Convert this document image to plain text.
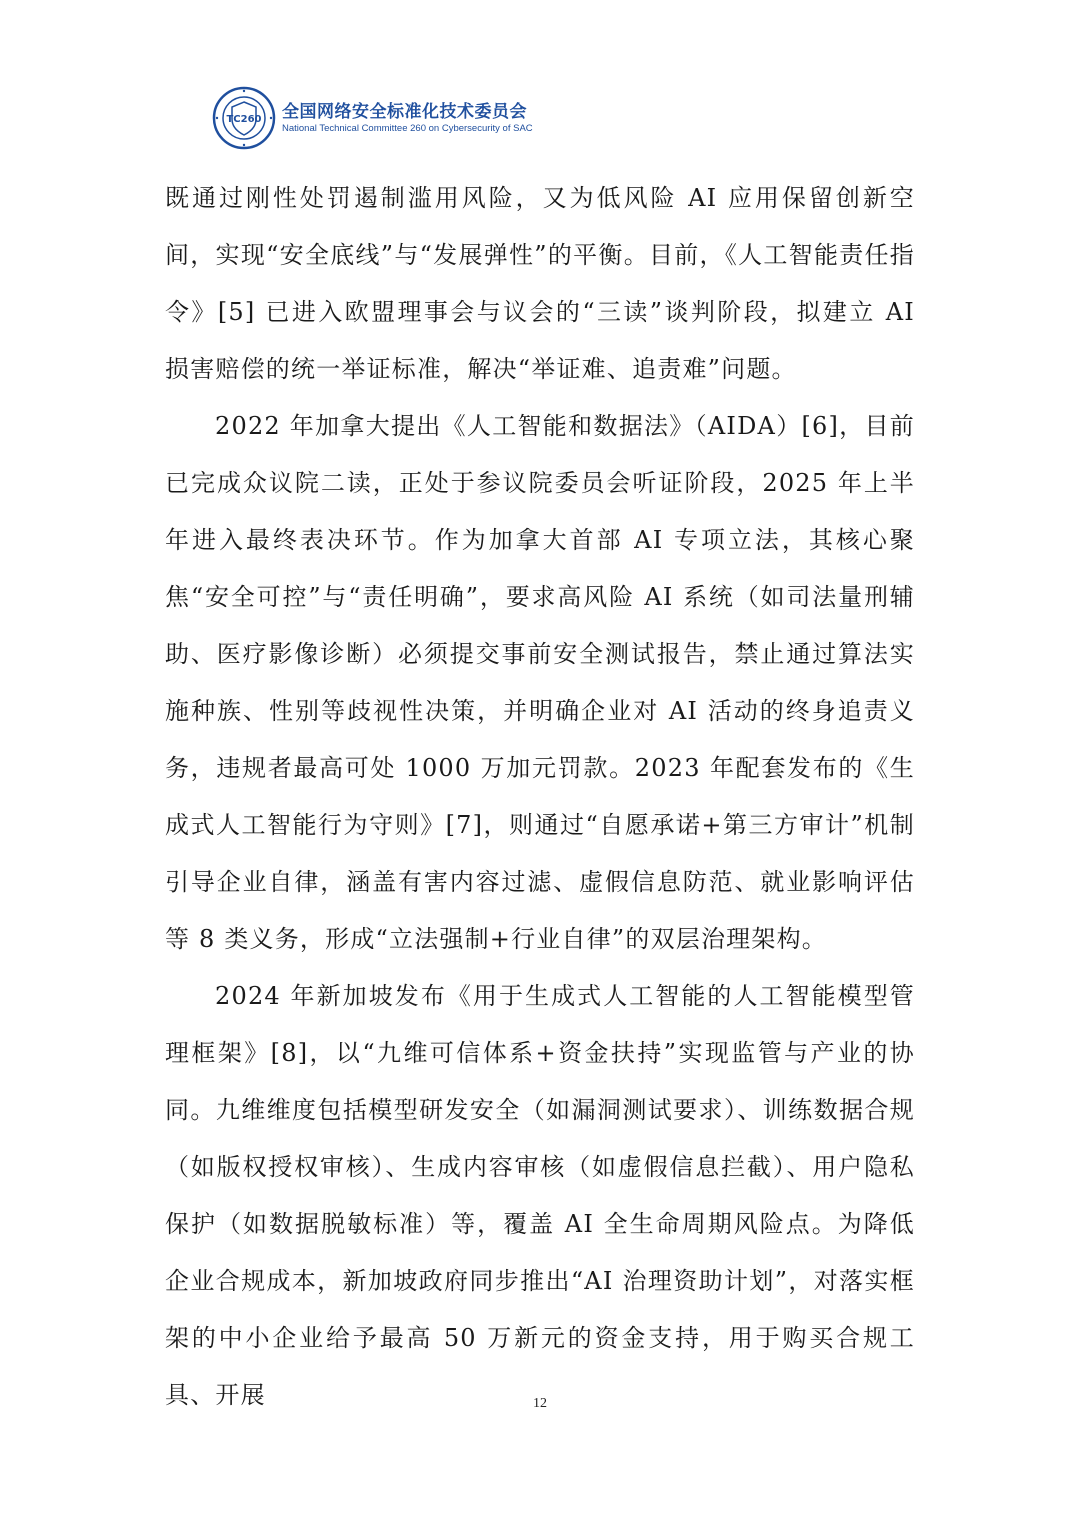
TC260 全国网络安全标准化技术委员会
National Technical Committee 260 on Cybersecurity of SAC

既通过刚性处罚遏制滥用风险，又为低风险 AI 应用保留创新空间，实现“安全底线”与“发展弹性”的平衡。目前，《人工智能责任指令》[5] 已进入欧盟理事会与议会的“三读”谈判阶段，拟建立 AI 损害赔偿的统一举证标准，解决“举证难、追责难”问题。

2022 年加拿大提出《人工智能和数据法》（AIDA）[6]，目前已完成众议院二读，正处于参议院委员会听证阶段，2025 年上半年进入最终表决环节。作为加拿大首部 AI 专项立法，其核心聚焦“安全可控”与“责任明确”，要求高风险 AI 系统（如司法量刑辅助、医疗影像诊断）必须提交事前安全测试报告，禁止通过算法实施种族、性别等歧视性决策，并明确企业对 AI 活动的终身追责义务，违规者最高可处 1000 万加元罚款。2023 年配套发布的《生成式人工智能行为守则》[7]，则通过“自愿承诺+第三方审计”机制引导企业自律，涵盖有害内容过滤、虚假信息防范、就业影响评估等 8 类义务，形成“立法强制+行业自律”的双层治理架构。

2024 年新加坡发布《用于生成式人工智能的人工智能模型管理框架》[8]，以“九维可信体系+资金扶持”实现监管与产业的协同。九维维度包括模型研发安全（如漏洞测试要求）、训练数据合规（如版权授权审核）、生成内容审核（如虚假信息拦截）、用户隐私保护（如数据脱敏标准）等，覆盖 AI 全生命周期风险点。为降低企业合规成本，新加坡政府同步推出“AI 治理资助计划”，对落实框架的中小企业给予最高 50 万新元的资金支持，用于购买合规工具、开展	12
